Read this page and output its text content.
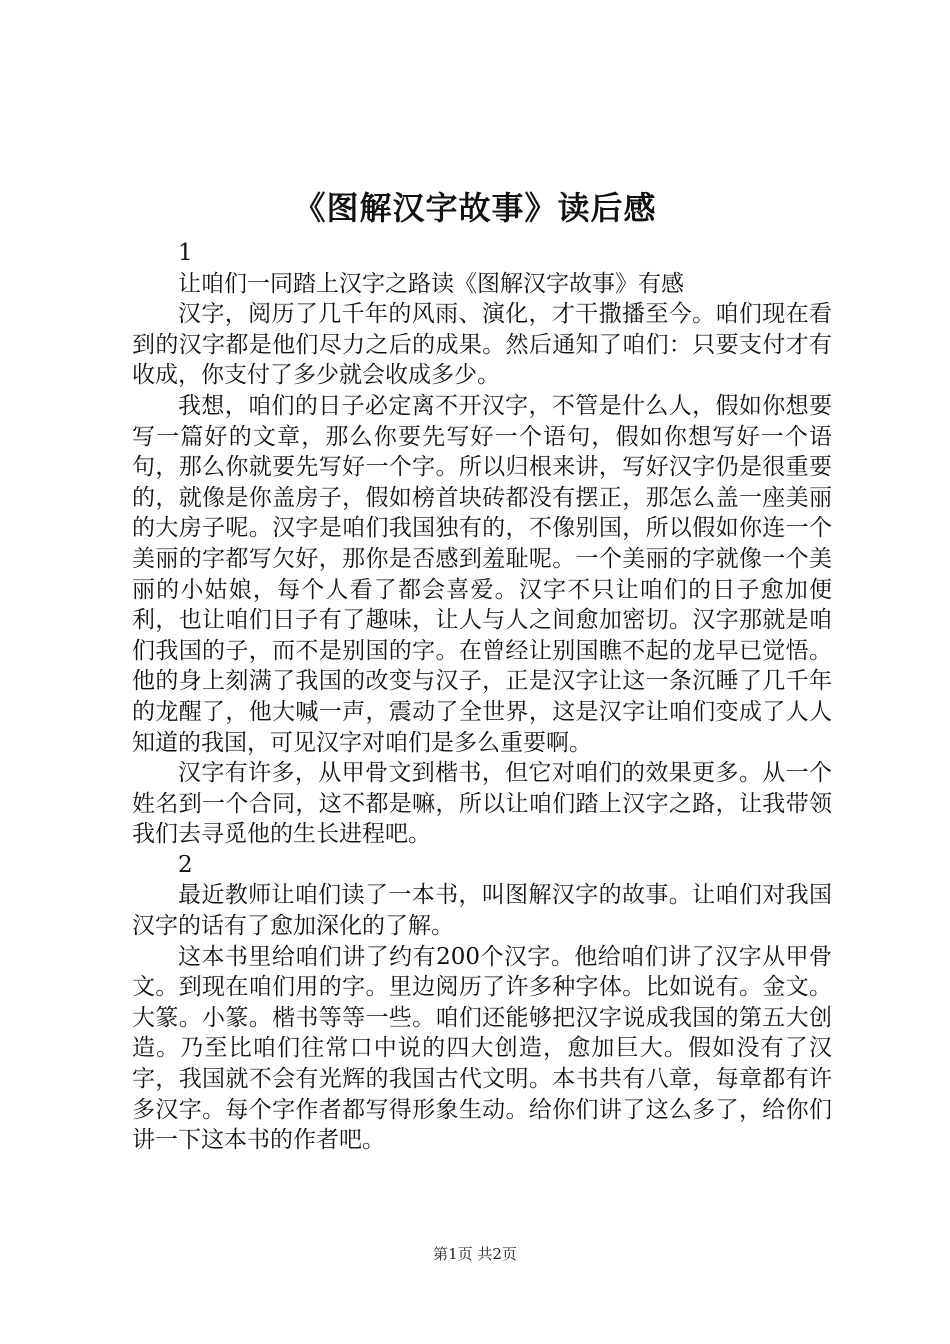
《图解汉字故事》读后感

1

让咱们一同踏上汉字之路读《图解汉字故事》有感

汉字，阅历了几千年的风雨、演化，才干撒播至今。咱们现在看到的汉字都是他们尽力之后的成果。然后通知了咱们：只要支付才有收成，你支付了多少就会收成多少。

我想，咱们的日子必定离不开汉字，不管是什么人，假如你想要写一篇好的文章，那么你要先写好一个语句，假如你想写好一个语句，那么你就要先写好一个字。所以归根来讲，写好汉字仍是很重要的，就像是你盖房子，假如榜首块砖都没有摆正，那怎么盖一座美丽的大房子呢。汉字是咱们我国独有的，不像别国，所以假如你连一个美丽的字都写欠好，那你是否感到羞耻呢。一个美丽的字就像一个美丽的小姑娘，每个人看了都会喜爱。汉字不只让咱们的日子愈加便利，也让咱们日子有了趣味，让人与人之间愈加密切。汉字那就是咱们我国的子，而不是别国的字。在曾经让别国瞧不起的龙早已觉悟。他的身上刻满了我国的改变与汉子，正是汉字让这一条沉睡了几千年的龙醒了，他大喊一声，震动了全世界，这是汉字让咱们变成了人人知道的我国，可见汉字对咱们是多么重要啊。

汉字有许多，从甲骨文到楷书，但它对咱们的效果更多。从一个姓名到一个合同，这不都是嘛，所以让咱们踏上汉字之路，让我带领我们去寻觅他的生长进程吧。

2

最近教师让咱们读了一本书，叫图解汉字的故事。让咱们对我国汉字的话有了愈加深化的了解。

这本书里给咱们讲了约有200个汉字。他给咱们讲了汉字从甲骨文。到现在咱们用的字。里边阅历了许多种字体。比如说有。金文。大篆。小篆。楷书等等一些。咱们还能够把汉字说成我国的第五大创造。乃至比咱们往常口中说的四大创造，愈加巨大。假如没有了汉字，我国就不会有光辉的我国古代文明。本书共有八章，每章都有许多汉字。每个字作者都写得形象生动。给你们讲了这么多了，给你们讲一下这本书的作者吧。

第1页 共2页
